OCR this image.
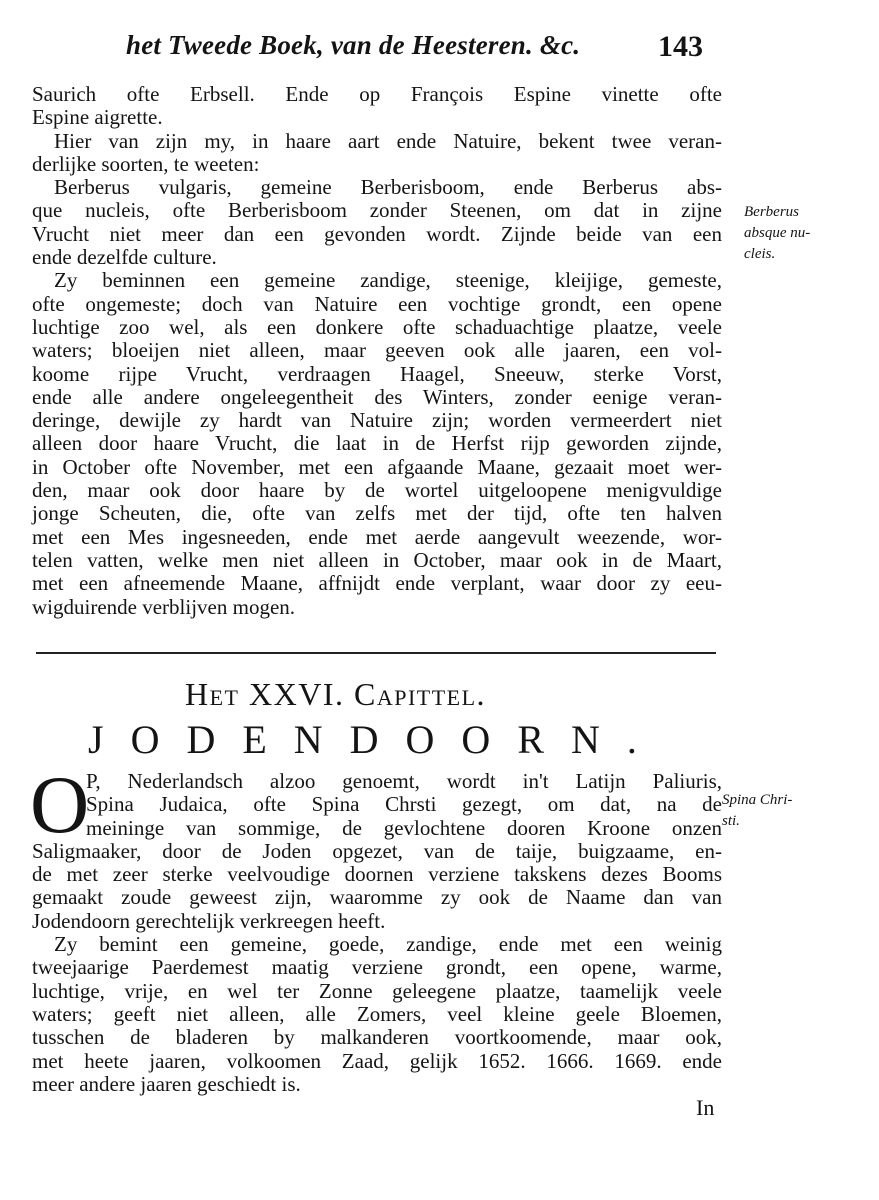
het Tweede Boek, van de Heesteren. &c.	143
Saurich ofte Erbsell. Ende op François Espine vinette ofte
Espine aigrette.
Hier van zijn my, in haare aart ende Natuire, bekent twee veran-
derlijke soorten, te weeten:
Berberus vulgaris, gemeine Berberisboom, ende Berberus abs-
que nucleis, ofte Berberisboom zonder Steenen, om dat in zijne
Vrucht niet meer dan een gevonden wordt. Zijnde beide van een
ende dezelfde culture.
Zy beminnen een gemeine zandige, steenige, kleijige, gemeste,
ofte ongemeste; doch van Natuire een vochtige grondt, een opene
luchtige zoo wel, als een donkere ofte schaduachtige plaatze, veele
waters; bloeijen niet alleen, maar geeven ook alle jaaren, een vol-
koome rijpe Vrucht, verdraagen Haagel, Sneeuw, sterke Vorst,
ende alle andere ongeleegentheit des Winters, zonder eenige veran-
deringe, dewijle zy hardt van Natuire zijn; worden vermeerdert niet
alleen door haare Vrucht, die laat in de Herfst rijp geworden zijnde,
in October ofte November, met een afgaande Maane, gezaait moet wer-
den, maar ook door haare by de wortel uitgeloopene menigvuldige
jonge Scheuten, die, ofte van zelfs met der tijd, ofte ten halven
met een Mes ingesneeden, ende met aerde aangevult weezende, wor-
telen vatten, welke men niet alleen in October, maar ook in de Maart,
met een afneemende Maane, affnijdt ende verplant, waar door zy eeu-
wigduirende verblijven mogen.
Berberus
absque nu-
cleis.
Het XXVI. Capittel.
JODENDOORN.
O
P, Nederlandsch alzoo genoemt, wordt in't Latijn Paliuris,
Spina Judaica, ofte Spina Chrsti gezegt, om dat, na de
meininge van sommige, de gevlochtene dooren Kroone onzen
Saligmaaker, door de Joden opgezet, van de taije, buigzaame, en-
de met zeer sterke veelvoudige doornen verziene takskens dezes Booms
gemaakt zoude geweest zijn, waaromme zy ook de Naame dan van
Jodendoorn gerechtelijk verkreegen heeft.
Zy bemint een gemeine, goede, zandige, ende met een weinig
tweejaarige Paerdemest maatig verziene grondt, een opene, warme,
luchtige, vrije, en wel ter Zonne geleegene plaatze, taamelijk veele
waters; geeft niet alleen, alle Zomers, veel kleine geele Bloemen,
tusschen de bladeren by malkanderen voortkoomende, maar ook,
met heete jaaren, volkoomen Zaad, gelijk 1652. 1666. 1669. ende
meer andere jaaren geschiedt is.
Spina Chri-
sti.
In
